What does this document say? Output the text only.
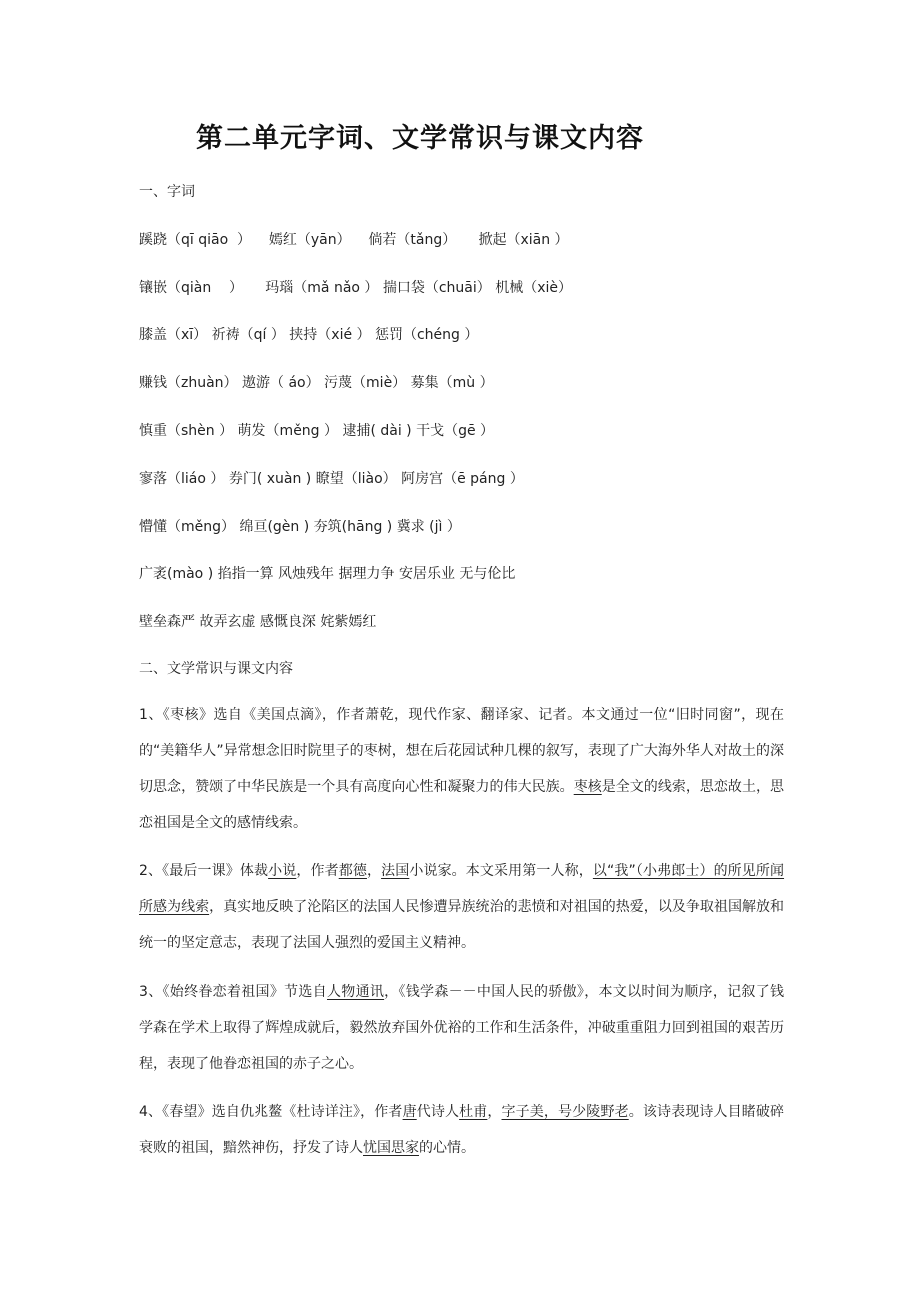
第二单元字词、文学常识与课文内容
一、字词
蹊跷（qī qiāo  ）    嫣红（yān）    倘若（tǎng）     掀起（xiān ）
镶嵌（qiàn    ）     玛瑙（mǎ nǎo ） 揣口袋（chuāi） 机械（xiè）
膝盖（xī） 祈祷（qí ） 挟持（xié ） 惩罚（chéng ）
赚钱（zhuàn） 遨游（ áo） 污蔑（miè） 募集（mù ）
慎重（shèn ） 萌发（měng ） 逮捕( dài ) 干戈（gē ）
寥落（liáo ） 券门( xuàn ) 瞭望（liào） 阿房宫（ē páng ）
懵懂（měng） 绵亘(gèn ) 夯筑(hāng ) 冀求 (jì ）
广袤(mào ) 掐指一算 风烛残年 据理力争 安居乐业 无与伦比
壁垒森严 故弄玄虚 感慨良深 姹紫嫣红
二、文学常识与课文内容
1、《枣核》选自《美国点滴》，作者萧乾，现代作家、翻译家、记者。本文通过一位“旧时同窗”，现在的“美籍华人”异常想念旧时院里子的枣树，想在后花园试种几棵的叙写，表现了广大海外华人对故土的深切思念，赞颂了中华民族是一个具有高度向心性和凝聚力的伟大民族。枣核是全文的线索，思恋故土，思恋祖国是全文的感情线索。
2、《最后一课》体裁小说，作者都德，法国小说家。本文采用第一人称，以“我”（小弗郎士）的所见所闻所感为线索，真实地反映了沦陷区的法国人民惨遭异族统治的悲愤和对祖国的热爱，以及争取祖国解放和统一的坚定意志，表现了法国人强烈的爱国主义精神。
3、《始终眷恋着祖国》节选自人物通讯，《钱学森－－中国人民的骄傲》，本文以时间为顺序，记叙了钱学森在学术上取得了辉煌成就后，毅然放弃国外优裕的工作和生活条件，冲破重重阻力回到祖国的艰苦历程，表现了他眷恋祖国的赤子之心。
4、《春望》选自仇兆鳌《杜诗详注》，作者唐代诗人杜甫，字子美，号少陵野老。该诗表现诗人目睹破碎衰败的祖国，黯然神伤，抒发了诗人忧国思家的心情。
